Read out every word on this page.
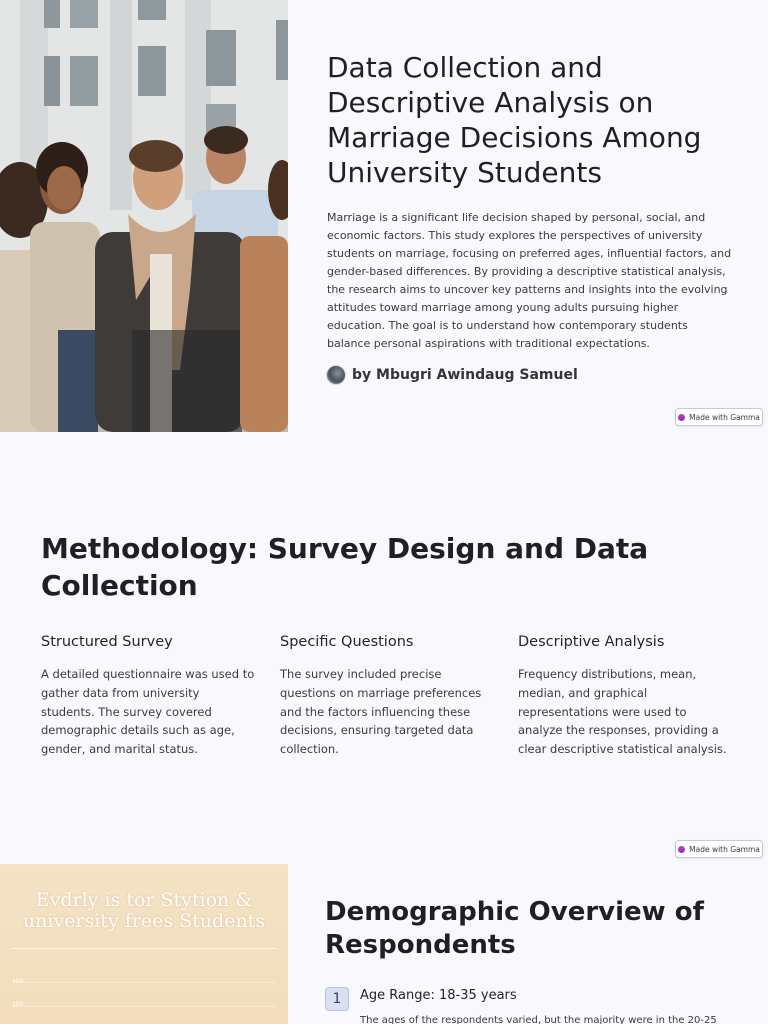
Data Collection and Descriptive Analysis on Marriage Decisions Among University Students

Marriage is a significant life decision shaped by personal, social, and economic factors. This study explores the perspectives of university students on marriage, focusing on preferred ages, influential factors, and gender-based differences. By providing a descriptive statistical analysis, the research aims to uncover key patterns and insights into the evolving attitudes toward marriage among young adults pursuing higher education. The goal is to understand how contemporary students balance personal aspirations with traditional expectations.

by Mbugri Awindaug Samuel
Made with Gamma
Methodology: Survey Design and Data Collection
Structured Survey

A detailed questionnaire was used to gather data from university students. The survey covered demographic details such as age, gender, and marital status.

Specific Questions

The survey included precise questions on marriage preferences and the factors influencing these decisions, ensuring targeted data collection.

Descriptive Analysis

Frequency distributions, mean, median, and graphical representations were used to analyze the responses, providing a clear descriptive statistical analysis.

Made with Gamma
Evdrly is tor Stytion & university frees Students
400
100
Demographic Overview of Respondents
1	Age Range: 18-35 years
The ages of the respondents varied, but the majority were in the 20-25
